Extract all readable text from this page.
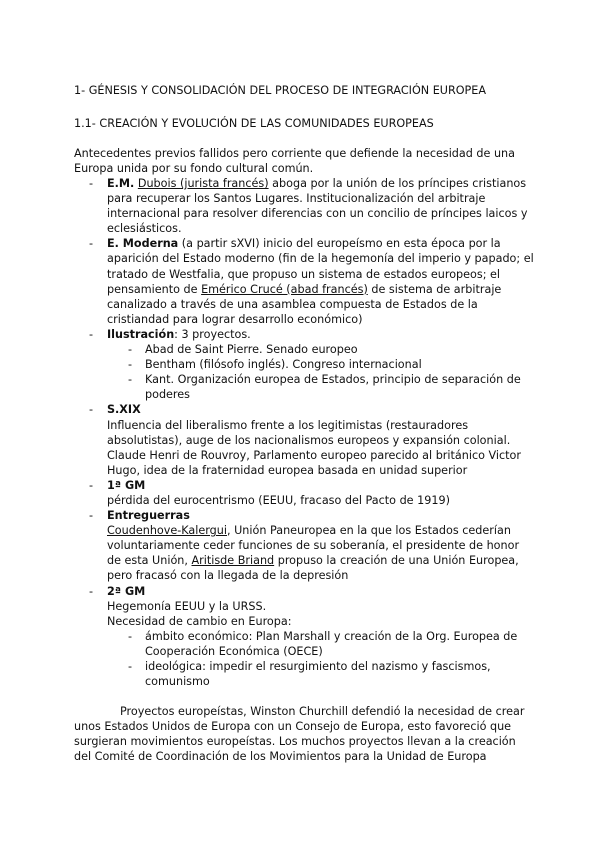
1- GÉNESIS Y CONSOLIDACIÓN DEL PROCESO DE INTEGRACIÓN EUROPEA
1.1- CREACIÓN Y EVOLUCIÓN DE LAS COMUNIDADES EUROPEAS
Antecedentes previos fallidos pero corriente que defiende la necesidad de una Europa unida por su fondo cultural común.
- E.M. Dubois (jurista francés) aboga por la unión de los príncipes cristianos para recuperar los Santos Lugares. Institucionalización del arbitraje internacional para resolver diferencias con un concilio de príncipes laicos y eclesiásticos.
- E. Moderna (a partir sXVI) inicio del europeísmo en esta época por la aparición del Estado moderno (fin de la hegemonía del imperio y papado; el tratado de Westfalia, que propuso un sistema de estados europeos; el pensamiento de Emérico Crucé (abad francés) de sistema de arbitraje canalizado a través de una asamblea compuesta de Estados de la cristiandad para lograr desarrollo económico)
- Ilustración: 3 proyectos.
- Abad de Saint Pierre. Senado europeo
- Bentham (filósofo inglés). Congreso internacional
- Kant. Organización europea de Estados, principio de separación de poderes
- S.XIX
Influencia del liberalismo frente a los legitimistas (restauradores absolutistas), auge de los nacionalismos europeos y expansión colonial. Claude Henri de Rouvroy, Parlamento europeo parecido al británico Victor Hugo, idea de la fraternidad europea basada en unidad superior
- 1ª GM
pérdida del eurocentrismo (EEUU, fracaso del Pacto de 1919)
- Entreguerras
Coudenhove-Kalergui, Unión Paneuropea en la que los Estados cederían voluntariamente ceder funciones de su soberanía, el presidente de honor de esta Unión, Aritisde Briand propuso la creación de una Unión Europea, pero fracasó con la llegada de la depresión
- 2ª GM
Hegemonía EEUU y la URSS.
Necesidad de cambio en Europa:
- ámbito económico: Plan Marshall y creación de la Org. Europea de Cooperación Económica (OECE)
- ideológica: impedir el resurgimiento del nazismo y fascismos, comunismo
Proyectos europeístas, Winston Churchill defendió la necesidad de crear unos Estados Unidos de Europa con un Consejo de Europa, esto favoreció que surgieran movimientos europeístas. Los muchos proyectos llevan a la creación del Comité de Coordinación de los Movimientos para la Unidad de Europa
